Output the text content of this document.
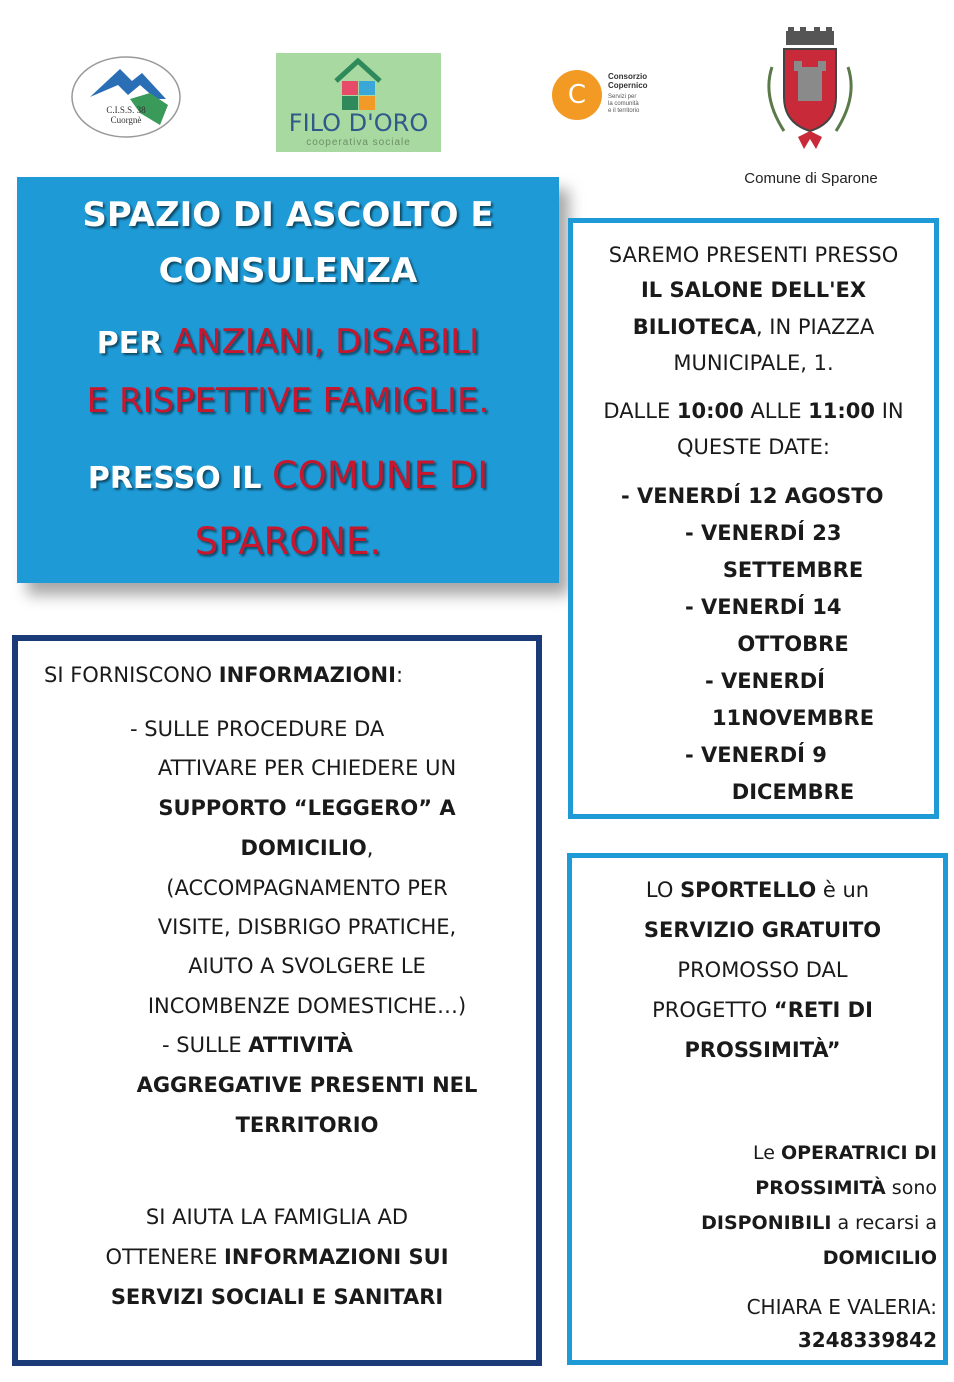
C.I.S.S. 38
Cuorgnè	FILO D'ORO
cooperativa sociale
C
Consorzio
Copernico
Servizi per
la comunità
e il territorio
Comune di Sparone
SPAZIO DI ASCOLTO E
CONSULENZA
PER ANZIANI, DISABILI
E RISPETTIVE FAMIGLIE.
PRESSO IL COMUNE DI
SPARONE.
SAREMO PRESENTI PRESSO
IL SALONE DELL'EX
BILIOTECA, IN PIAZZA
MUNICIPALE, 1.
DALLE 10:00 ALLE 11:00 IN
QUESTE DATE:
- VENERDÍ 12 AGOSTO
- VENERDÍ 23
SETTEMBRE
- VENERDÍ 14
OTTOBRE
- VENERDÍ
11NOVEMBRE
- VENERDÍ 9
DICEMBRE
SI FORNISCONO INFORMAZIONI:
- SULLE PROCEDURE DA
ATTIVARE PER CHIEDERE UN
SUPPORTO “LEGGERO” A
DOMICILIO,
(ACCOMPAGNAMENTO PER
VISITE, DISBRIGO PRATICHE,
AIUTO A SVOLGERE LE
INCOMBENZE DOMESTICHE…)
- SULLE ATTIVITÀ
AGGREGATIVE PRESENTI NEL
TERRITORIO
SI AIUTA LA FAMIGLIA AD
OTTENERE INFORMAZIONI SUI
SERVIZI SOCIALI E SANITARI
LO SPORTELLO è un
SERVIZIO GRATUITO
PROMOSSO DAL
PROGETTO “RETI DI
PROSSIMITÀ”
Le OPERATRICI DI
PROSSIMITÀ sono
DISPONIBILI a recarsi a
DOMICILIO
CHIARA E VALERIA:
3248339842
